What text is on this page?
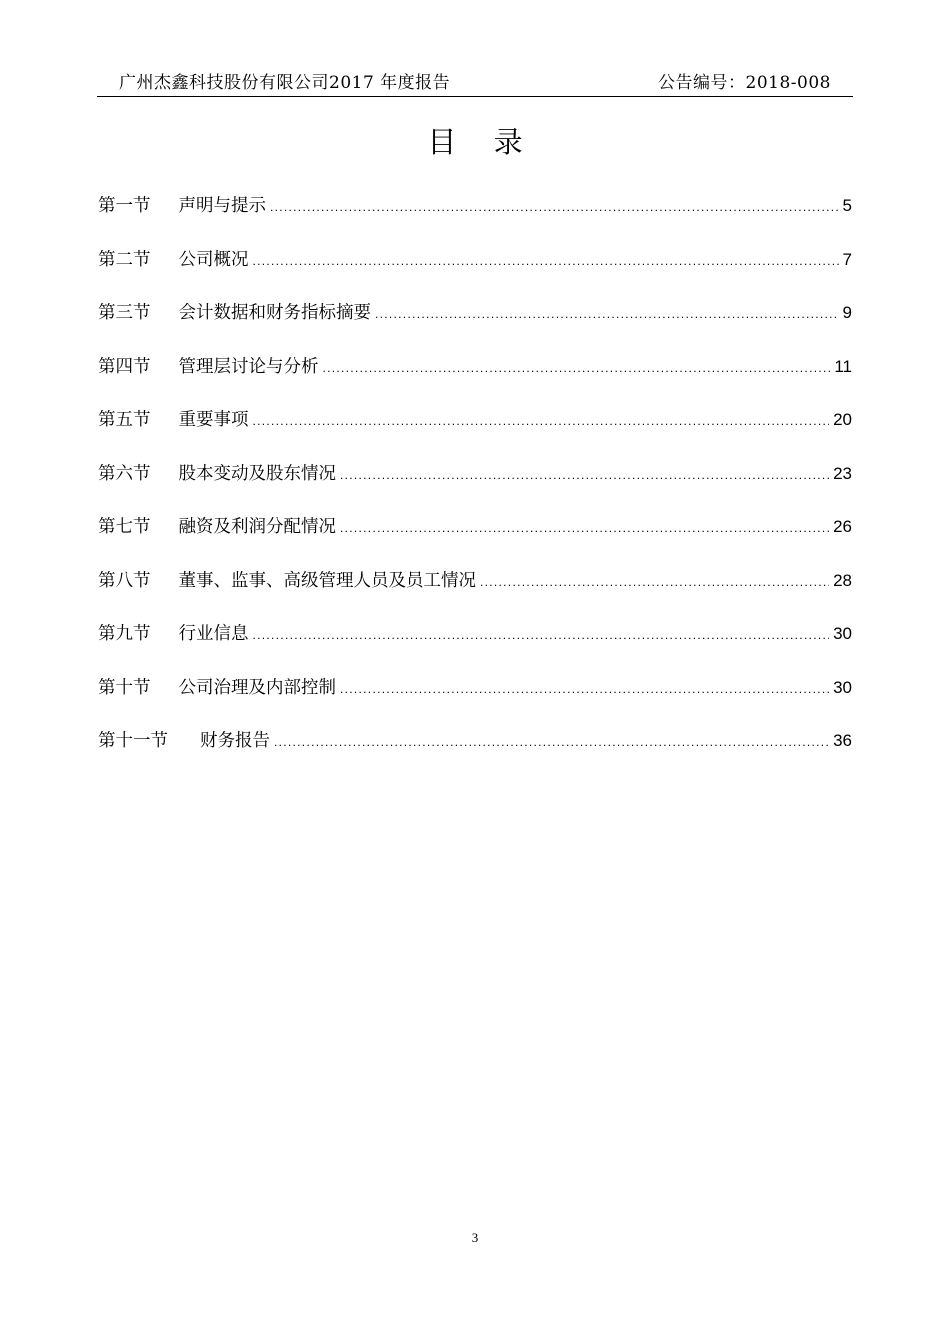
广州杰鑫科技股份有限公司2017 年度报告	公告编号：2018-008
目 录
第一节	声明与提示 .....	5
第二节	公司概况 .....	7
第三节	会计数据和财务指标摘要 .....	9
第四节	管理层讨论与分析 .....	11
第五节	重要事项 .....	20
第六节	股本变动及股东情况 .....	23
第七节	融资及利润分配情况 .....	26
第八节	董事、监事、高级管理人员及员工情况 .....	28
第九节	行业信息 .....	30
第十节	公司治理及内部控制 .....	30
第十一节	财务报告 .....	36
3
